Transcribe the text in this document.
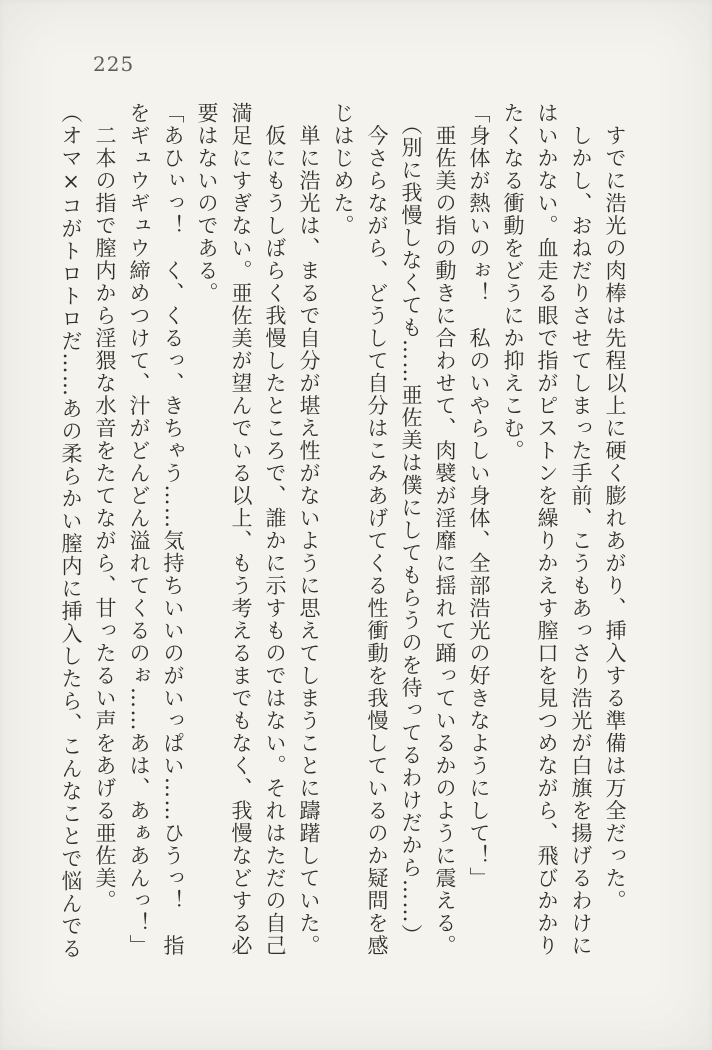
225

　すでに浩光の肉棒は先程以上に硬く膨れあがり、挿入する準備は万全だった。

　しかし、おねだりさせてしまった手前、こうもあっさり浩光が白旗を揚げるわけに

はいかない。血走る眼で指がピストンを繰りかえす膣口を見つめながら、飛びかかり

たくなる衝動をどうにか抑えこむ。

「身体が熱いのぉ！　私のいやらしい身体、全部浩光の好きなようにして！」

　亜佐美の指の動きに合わせて、肉襞が淫靡に揺れて踊っているかのように震える。

　（別に我慢しなくても……亜佐美は僕にしてもらうのを待ってるわけだから……）

　今さらながら、どうして自分はこみあげてくる性衝動を我慢しているのか疑問を感

じはじめた。

　単に浩光は、まるで自分が堪え性がないように思えてしまうことに躊躇していた。

　仮にもうしばらく我慢したところで、誰かに示すものではない。それはただの自己

満足にすぎない。亜佐美が望んでいる以上、もう考えるまでもなく、我慢などする必

要はないのである。

「あひぃっ！　く、くるっ、きちゃう……気持ちいいのがいっぱい……ひうっ！　指

をギュウギュウ締めつけて、汁がどんどん溢れてくるのぉ……あは、あぁあんっ！」

　二本の指で膣内から淫猥な水音をたてながら、甘ったるい声をあげる亜佐美。

（オマ×コがトロトロだ……あの柔らかい膣内に挿入したら、こんなことで悩んでる
